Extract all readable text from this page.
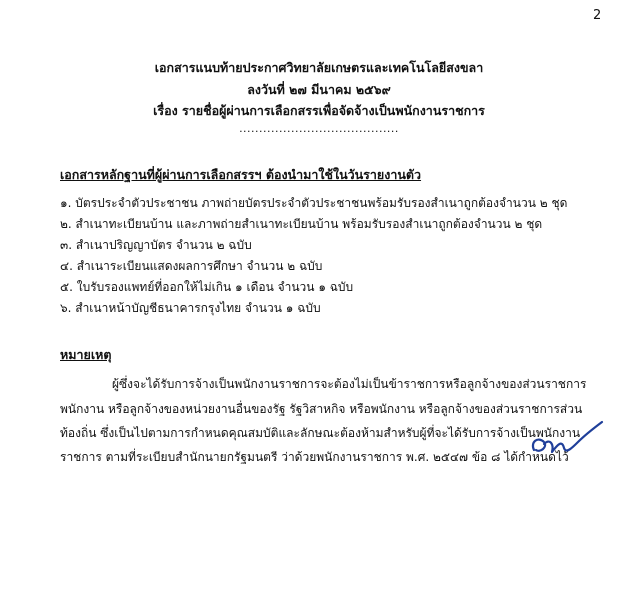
2
เอกสารแนบท้ายประกาศวิทยาลัยเกษตรและเทคโนโลยีสงขลา
ลงวันที่ ๒๗ มีนาคม ๒๕๖๙
เรื่อง รายชื่อผู้ผ่านการเลือกสรรเพื่อจัดจ้างเป็นพนักงานราชการ
........................................
เอกสารหลักฐานที่ผู้ผ่านการเลือกสรรฯ ต้องนำมาใช้ในวันรายงานตัว
๑. บัตรประจำตัวประชาชน ภาพถ่ายบัตรประจำตัวประชาชนพร้อมรับรองสำเนาถูกต้องจำนวน ๒ ชุด
๒. สำเนาทะเบียนบ้าน และภาพถ่ายสำเนาทะเบียนบ้าน พร้อมรับรองสำเนาถูกต้องจำนวน ๒ ชุด
๓. สำเนาปริญญาบัตร จำนวน ๒ ฉบับ
๔. สำเนาระเบียนแสดงผลการศึกษา จำนวน ๒ ฉบับ
๕. ใบรับรองแพทย์ที่ออกให้ไม่เกิน ๑ เดือน จำนวน ๑ ฉบับ
๖. สำเนาหน้าบัญชีธนาคารกรุงไทย จำนวน ๑ ฉบับ
หมายเหตุ
ผู้ซึ่งจะได้รับการจ้างเป็นพนักงานราชการจะต้องไม่เป็นข้าราชการหรือลูกจ้างของส่วนราชการ
พนักงาน หรือลูกจ้างของหน่วยงานอื่นของรัฐ รัฐวิสาหกิจ หรือพนักงาน หรือลูกจ้างของส่วนราชการส่วน
ท้องถิ่น ซึ่งเป็นไปตามการกำหนดคุณสมบัติและลักษณะต้องห้ามสำหรับผู้ที่จะได้รับการจ้างเป็นพนักงาน
ราชการ ตามที่ระเบียบสำนักนายกรัฐมนตรี ว่าด้วยพนักงานราชการ พ.ศ. ๒๕๔๗ ข้อ ๘ ได้กำหนดไว้
